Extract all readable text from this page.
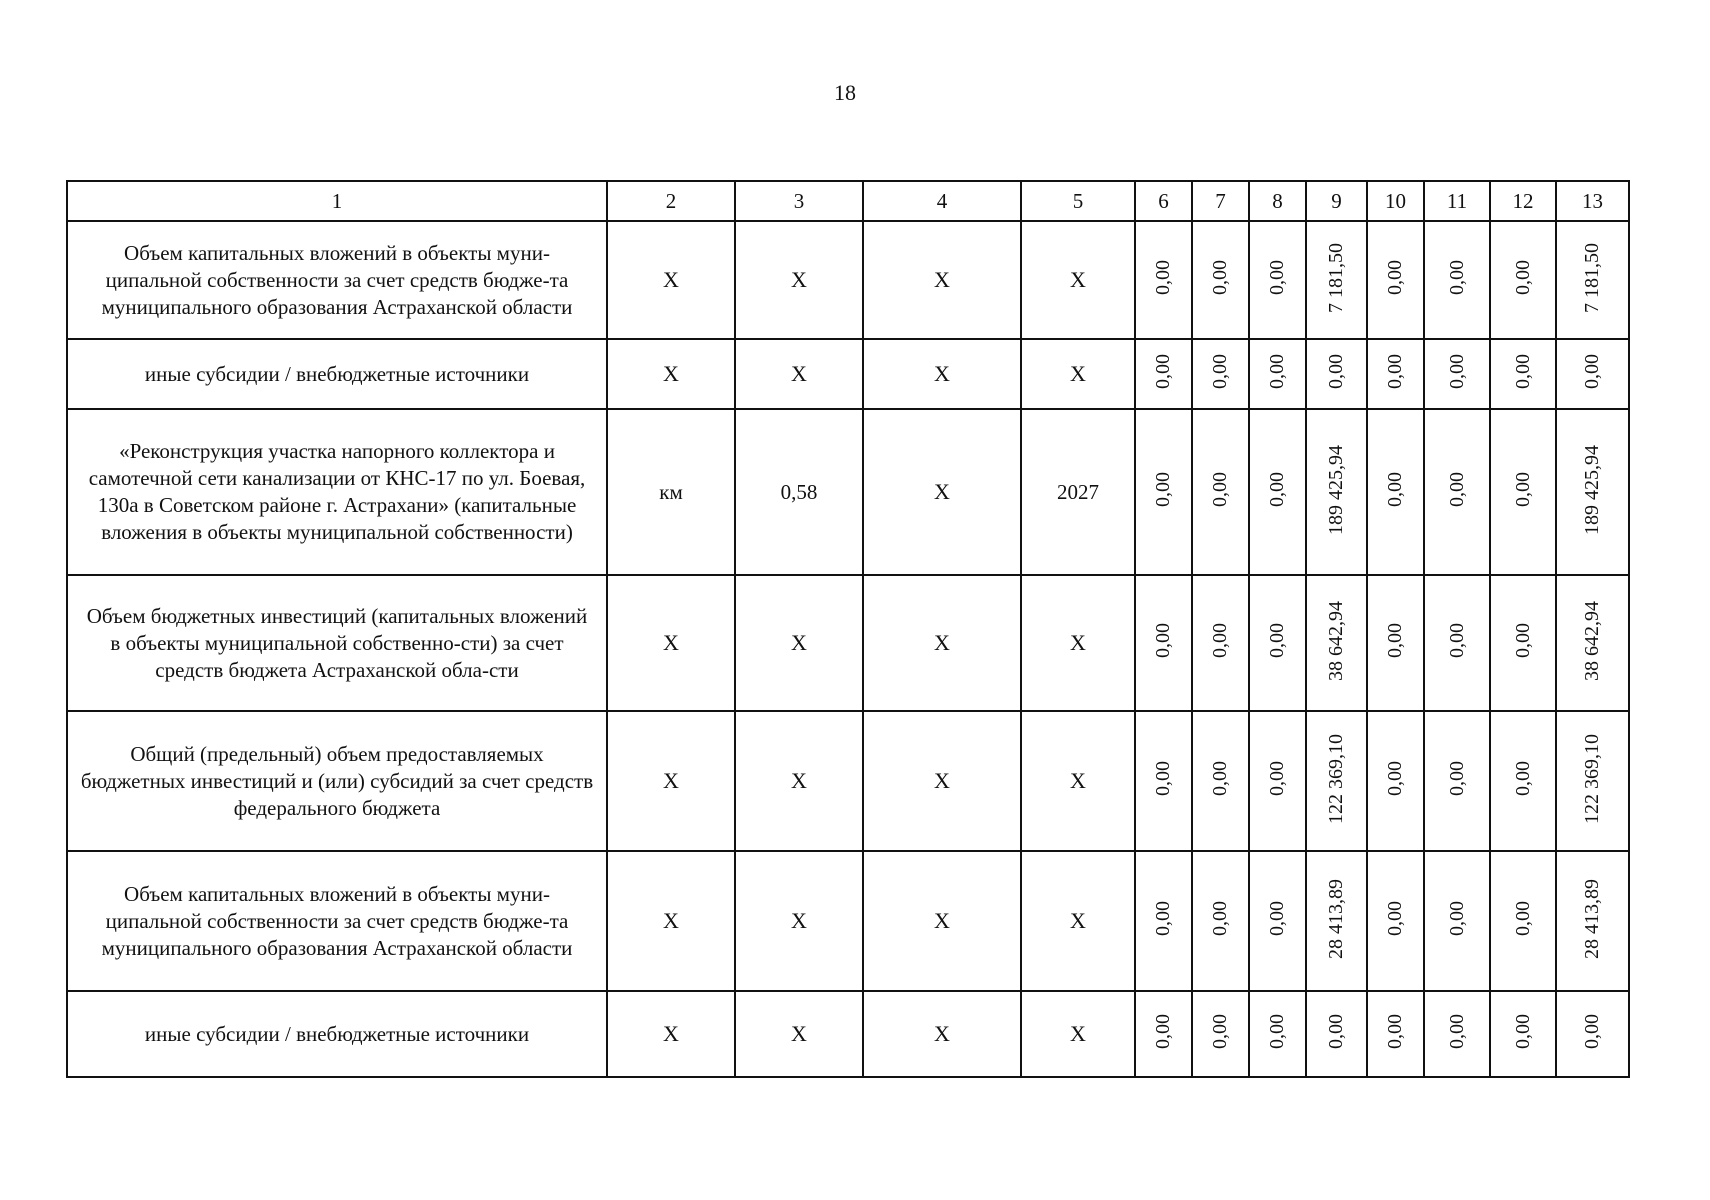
18
1	2	3	4	5	6	7	8	9	10	11	12	13
Объем капитальных вложений в объекты муни-ципальной собственности за счет средств бюдже-та муниципального образования Астраханской области	Х	Х	Х	Х	0,00	0,00	0,00	7 181,50	0,00	0,00	0,00	7 181,50
иные субсидии / внебюджетные источники	Х	Х	Х	Х	0,00	0,00	0,00	0,00	0,00	0,00	0,00	0,00
«Реконструкция участка напорного коллектора и самотечной сети канализации от КНС-17 по ул. Боевая, 130а в Советском районе г. Астрахани» (капитальные вложения в объекты муниципальной собственности)	км	0,58	Х	2027	0,00	0,00	0,00	189 425,94	0,00	0,00	0,00	189 425,94
Объем бюджетных инвестиций (капитальных вложений в объекты муниципальной собственно-сти) за счет средств бюджета Астраханской обла-сти	Х	Х	Х	Х	0,00	0,00	0,00	38 642,94	0,00	0,00	0,00	38 642,94
Общий (предельный) объем предоставляемых бюджетных инвестиций и (или) субсидий за счет средств федерального бюджета	Х	Х	Х	Х	0,00	0,00	0,00	122 369,10	0,00	0,00	0,00	122 369,10
Объем капитальных вложений в объекты муни-ципальной собственности за счет средств бюдже-та муниципального образования Астраханской области	Х	Х	Х	Х	0,00	0,00	0,00	28 413,89	0,00	0,00	0,00	28 413,89
иные субсидии / внебюджетные источники	Х	Х	Х	Х	0,00	0,00	0,00	0,00	0,00	0,00	0,00	0,00
